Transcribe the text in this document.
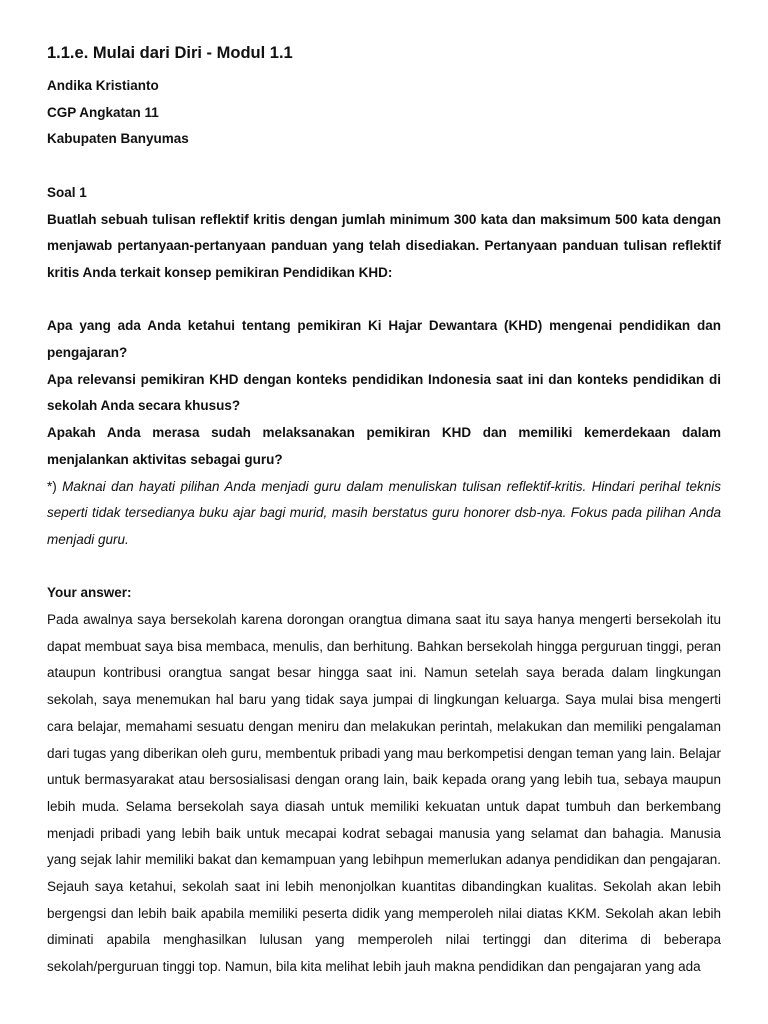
1.1.e. Mulai dari Diri - Modul 1.1

Andika Kristianto

CGP Angkatan 11

Kabupaten Banyumas

Soal 1

Buatlah sebuah tulisan reflektif kritis dengan jumlah minimum 300 kata dan maksimum 500 kata dengan menjawab pertanyaan-pertanyaan panduan yang telah disediakan. Pertanyaan panduan tulisan reflektif kritis Anda terkait konsep pemikiran Pendidikan KHD:

Apa yang ada Anda ketahui tentang pemikiran Ki Hajar Dewantara (KHD) mengenai pendidikan dan pengajaran?

Apa relevansi pemikiran KHD dengan konteks pendidikan Indonesia saat ini dan konteks pendidikan di sekolah Anda secara khusus?

Apakah Anda merasa sudah melaksanakan pemikiran KHD dan memiliki kemerdekaan dalam menjalankan aktivitas sebagai guru?

*) Maknai dan hayati pilihan Anda menjadi guru dalam menuliskan tulisan reflektif-kritis. Hindari perihal teknis seperti tidak tersedianya buku ajar bagi murid, masih berstatus guru honorer dsb-nya. Fokus pada pilihan Anda menjadi guru.

Your answer:

Pada awalnya saya bersekolah karena dorongan orangtua dimana saat itu saya hanya mengerti bersekolah itu dapat membuat saya bisa membaca, menulis, dan berhitung. Bahkan bersekolah hingga perguruan tinggi, peran ataupun kontribusi orangtua sangat besar hingga saat ini. Namun setelah saya berada dalam lingkungan sekolah, saya menemukan hal baru yang tidak saya jumpai di lingkungan keluarga. Saya mulai bisa mengerti cara belajar, memahami sesuatu dengan meniru dan melakukan perintah, melakukan dan memiliki pengalaman dari tugas yang diberikan oleh guru, membentuk pribadi yang mau berkompetisi dengan teman yang lain. Belajar untuk bermasyarakat atau bersosialisasi dengan orang lain, baik kepada orang yang lebih tua, sebaya maupun lebih muda. Selama bersekolah saya diasah untuk memiliki kekuatan untuk dapat tumbuh dan berkembang menjadi pribadi yang lebih baik untuk mecapai kodrat sebagai manusia yang selamat dan bahagia. Manusia yang sejak lahir memiliki bakat dan kemampuan yang lebihpun memerlukan adanya pendidikan dan pengajaran. Sejauh saya ketahui, sekolah saat ini lebih menonjolkan kuantitas dibandingkan kualitas. Sekolah akan lebih bergengsi dan lebih baik apabila memiliki peserta didik yang memperoleh nilai diatas KKM. Sekolah akan lebih diminati apabila menghasilkan lulusan yang memperoleh nilai tertinggi dan diterima di beberapa sekolah/perguruan tinggi top. Namun, bila kita melihat lebih jauh makna pendidikan dan pengajaran yang ada
